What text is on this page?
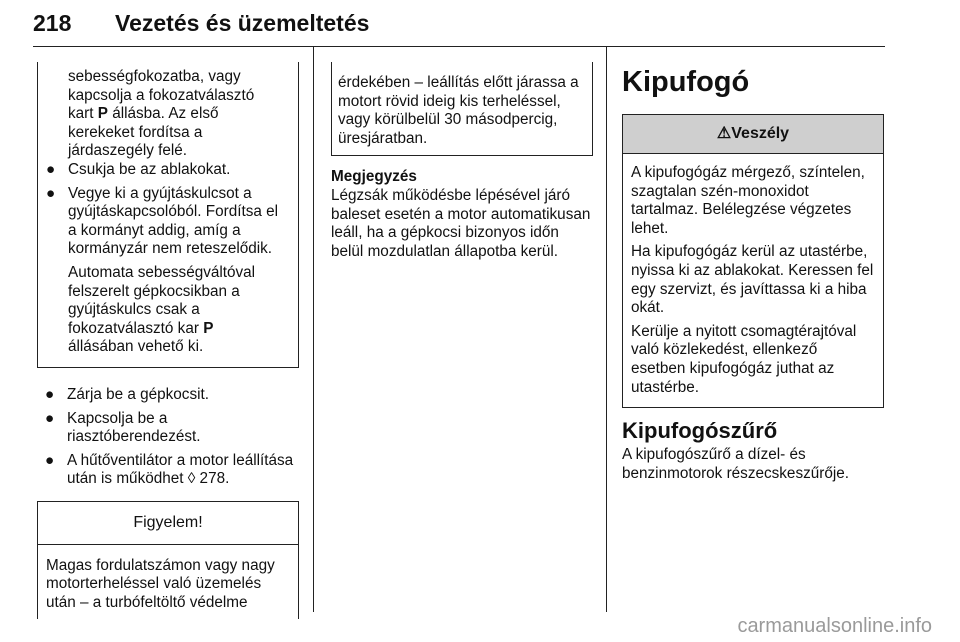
218 Vezetés és üzemeltetés

sebességfokozatba, vagy
kapcsolja a fokozatválasztó
kart P állásba. Az első
kerekeket fordítsa a
járdaszegély felé.

● Csukja be az ablakokat.
● Vegye ki a gyújtáskulcsot a gyújtáskapcsolóból. Fordítsa el a kormányt addig, amíg a kormányzár nem reteszelődik.

Automata sebességváltóval
felszerelt gépkocsikban a
gyújtáskulcs csak a
fokozatválasztó kar P
állásában vehető ki.

● Zárja be a gépkocsit.
● Kapcsolja be a riasztóberendezést.
● A hűtőventilátor a motor leállítása után is működhet ◊ 278.
Figyelem!
Magas fordulatszámon vagy nagy motorterheléssel való üzemelés után – a turbófeltöltő védelme
érdekében – leállítás előtt járassa a motort rövid ideig kis terheléssel, vagy körülbelül 30 másodpercig, üresjáratban.
Megjegyzés
Légzsák működésbe lépésével járó baleset esetén a motor automatikusan leáll, ha a gépkocsi bizonyos időn belül mozdulatlan állapotba kerül.
Kipufogó
⚠Veszély

A kipufogógáz mérgező, színtelen, szagtalan szén-monoxidot tartalmaz. Belélegzése végzetes lehet.

Ha kipufogógáz kerül az utastérbe, nyissa ki az ablakokat. Keressen fel egy szervizt, és javíttassa ki a hiba okát.

Kerülje a nyitott csomagtérajtóval való közlekedést, ellenkező esetben kipufogógáz juthat az utastérbe.

Kipufogószűrő
A kipufogószűrő a dízel- és benzinmotorok részecskeszűrője.
carmanualsonline.info
